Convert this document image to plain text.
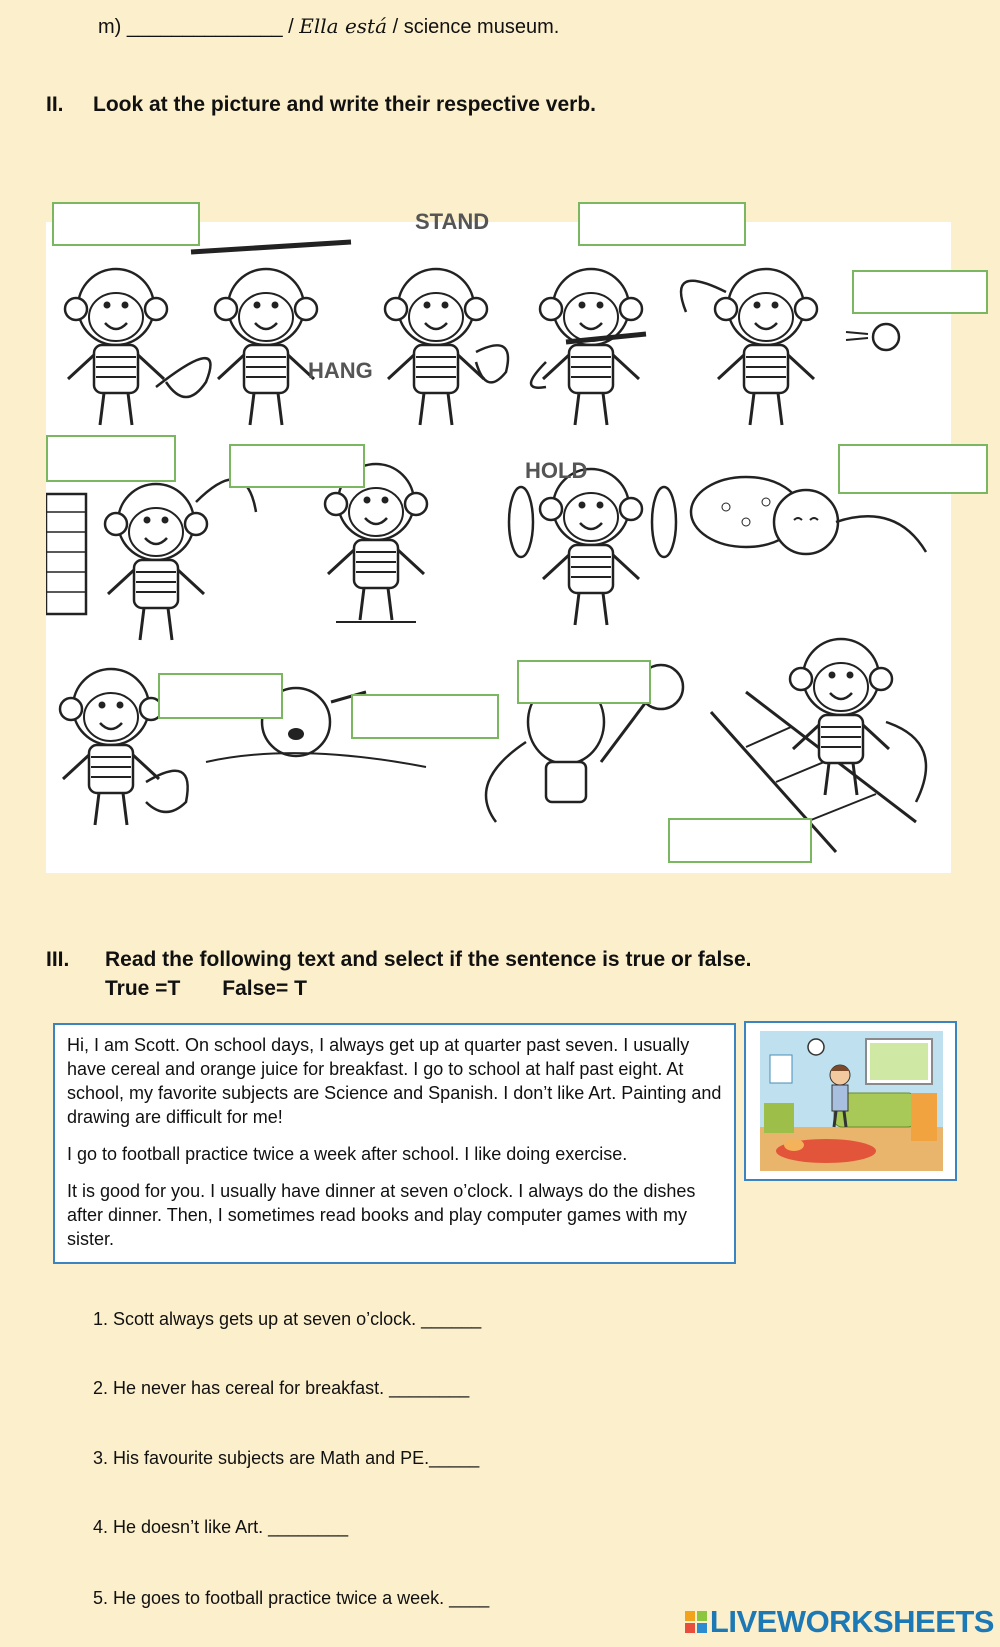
m) ______________ / Ella está / science museum.
II. Look at the picture and write their respective verb.
STAND
HANG
HOLD
III. Read the following text and select if the sentence is true or false.
True =T False= T

Hi, I am Scott. On school days, I always get up at quarter past seven. I usually have cereal and orange juice for breakfast. I go to school at half past eight. At school, my favorite subjects are Science and Spanish. I don’t like Art. Painting and drawing are difficult for me!

I go to football practice twice a week after school. I like doing exercise.

It is good for you. I usually have dinner at seven o’clock. I always do the dishes after dinner. Then, I sometimes read books and play computer games with my sister.

1. Scott always gets up at seven o’clock. ______
2. He never has cereal for breakfast. ________
3. His favourite subjects are Math and PE._____
4. He doesn’t like Art. ________
5. He goes to football practice twice a week. ____
LIVEWORKSHEETS
